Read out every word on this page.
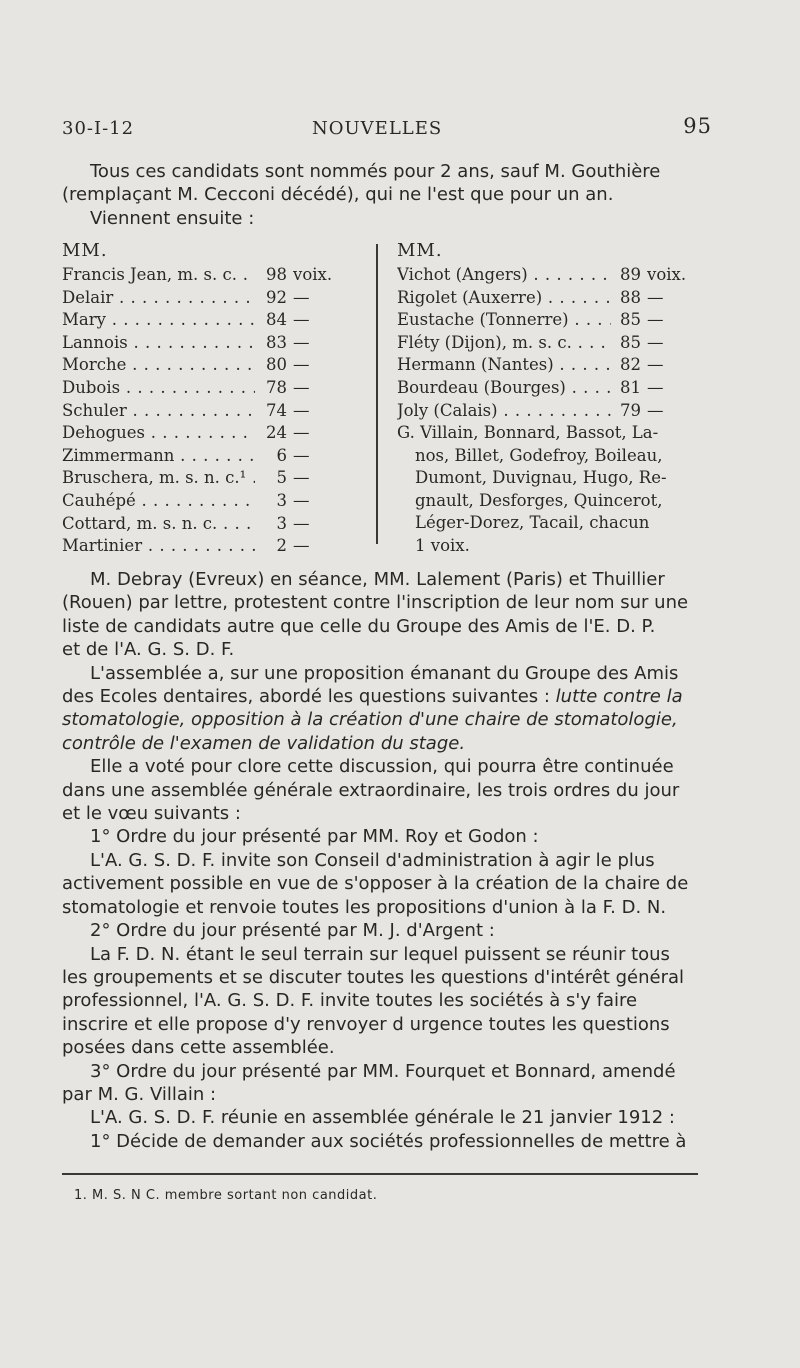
30-I-12	NOUVELLES	95
Tous ces candidats sont nommés pour 2 ans, sauf M. Gouthière
(remplaçant M. Cecconi décédé), qui ne l'est que pour un an.
Viennent ensuite :
MM.	MM.
Francis Jean, m. s. c. . . .	98 voix.
Delair . . .	92 —
Mary . . .	84 —
Lannois . . .	83 —
Morche . . .	80 —
Dubois . . .	78 —
Schuler . . .	74 —
Dehogues . . .	24 —
Zimmermann . . .	6 —
Bruschera, m. s. n. c.¹ . . .	5 —
Cauhépé . . .	3 —
Cottard, m. s. n. c. . . .	3 —
Martinier . . .	2 —
Vichot (Angers) . . .	89 voix.
Rigolet (Auxerre) . . .	88 —
Eustache (Tonnerre) . . .	85 —
Fléty (Dijon), m. s. c. . . .	85 —
Hermann (Nantes) . . .	82 —
Bourdeau (Bourges) . . .	81 —
Joly (Calais) . . .	79 —
G. Villain, Bonnard, Bassot, La-
nos, Billet, Godefroy, Boileau,
Dumont, Duvignau, Hugo, Re-
gnault, Desforges, Quincerot,
Léger-Dorez, Tacail, chacun
1 voix.
M. Debray (Evreux) en séance, MM. Lalement (Paris) et Thuillier
(Rouen) par lettre, protestent contre l'inscription de leur nom sur une
liste de candidats autre que celle du Groupe des Amis de l'E. D. P.
et de l'A. G. S. D. F.
L'assemblée a, sur une proposition émanant du Groupe des Amis
des Ecoles dentaires, abordé les questions suivantes : lutte contre la
stomatologie, opposition à la création d'une chaire de stomatologie,
contrôle de l'examen de validation du stage.
Elle a voté pour clore cette discussion, qui pourra être continuée
dans une assemblée générale extraordinaire, les trois ordres du jour
et le vœu suivants :
1° Ordre du jour présenté par MM. Roy et Godon :
L'A. G. S. D. F. invite son Conseil d'administration à agir le plus
activement possible en vue de s'opposer à la création de la chaire de
stomatologie et renvoie toutes les propositions d'union à la F. D. N.
2° Ordre du jour présenté par M. J. d'Argent :
La F. D. N. étant le seul terrain sur lequel puissent se réunir tous
les groupements et se discuter toutes les questions d'intérêt général
professionnel, l'A. G. S. D. F. invite toutes les sociétés à s'y faire
inscrire et elle propose d'y renvoyer d urgence toutes les questions
posées dans cette assemblée.
3° Ordre du jour présenté par MM. Fourquet et Bonnard, amendé
par M. G. Villain :
L'A. G. S. D. F. réunie en assemblée générale le 21 janvier 1912 :
1° Décide de demander aux sociétés professionnelles de mettre à
1. M. S. N C. membre sortant non candidat.
